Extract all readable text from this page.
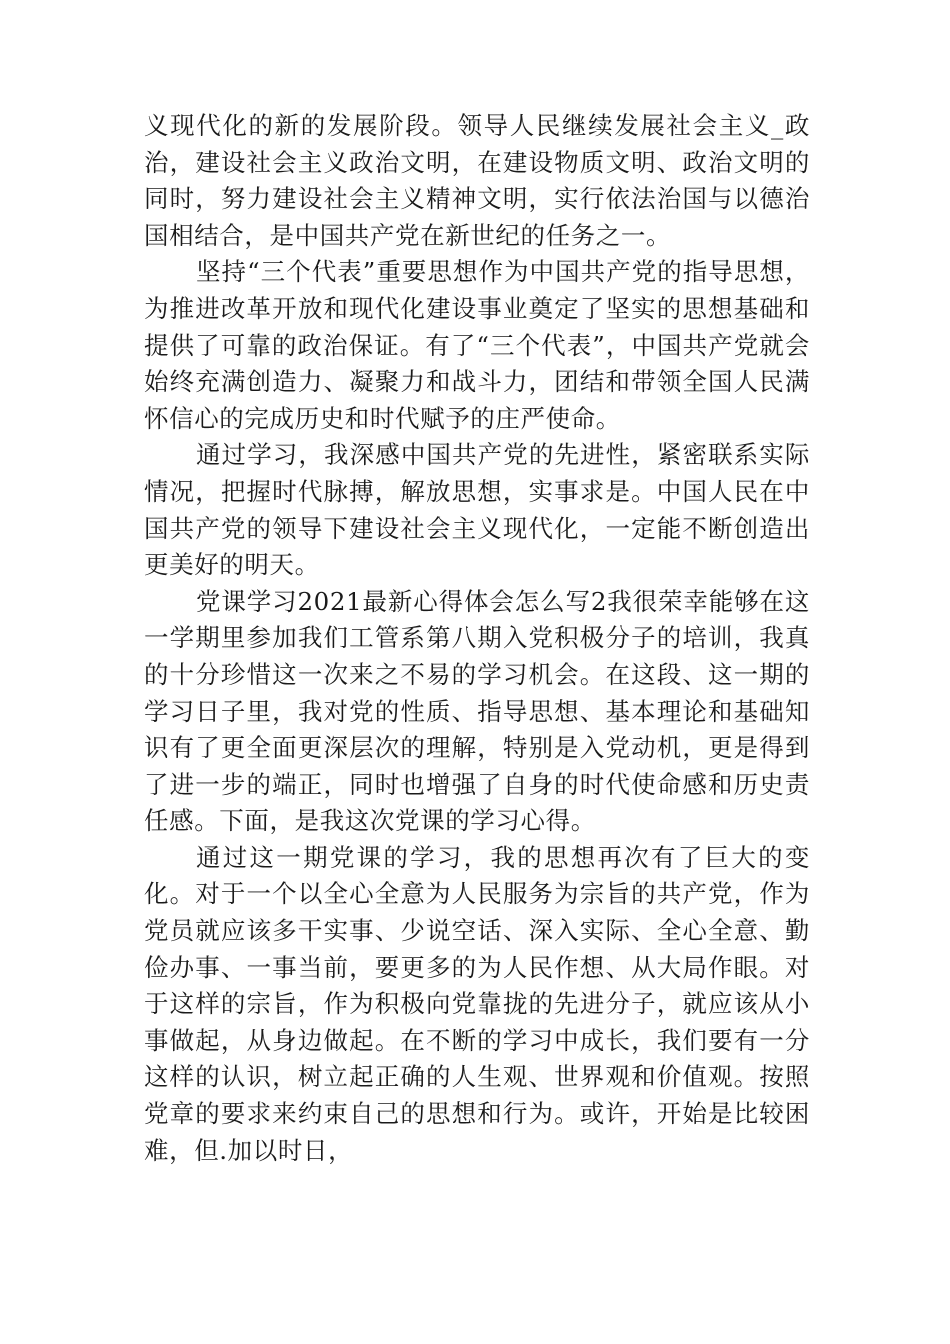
义现代化的新的发展阶段。领导人民继续发展社会主义_政治，建设社会主义政治文明，在建设物质文明、政治文明的同时，努力建设社会主义精神文明，实行依法治国与以德治国相结合，是中国共产党在新世纪的任务之一。

坚持“三个代表”重要思想作为中国共产党的指导思想，为推进改革开放和现代化建设事业奠定了坚实的思想基础和提供了可靠的政治保证。有了“三个代表”，中国共产党就会始终充满创造力、凝聚力和战斗力，团结和带领全国人民满怀信心的完成历史和时代赋予的庄严使命。

通过学习，我深感中国共产党的先进性，紧密联系实际情况，把握时代脉搏，解放思想，实事求是。中国人民在中国共产党的领导下建设社会主义现代化，一定能不断创造出更美好的明天。

党课学习2021最新心得体会怎么写2我很荣幸能够在这一学期里参加我们工管系第八期入党积极分子的培训，我真的十分珍惜这一次来之不易的学习机会。在这段、这一期的学习日子里，我对党的性质、指导思想、基本理论和基础知识有了更全面更深层次的理解，特别是入党动机，更是得到了进一步的端正，同时也增强了自身的时代使命感和历史责任感。下面，是我这次党课的学习心得。

通过这一期党课的学习，我的思想再次有了巨大的变化。对于一个以全心全意为人民服务为宗旨的共产党，作为党员就应该多干实事、少说空话、深入实际、全心全意、勤俭办事、一事当前，要更多的为人民作想、从大局作眼。对于这样的宗旨，作为积极向党靠拢的先进分子，就应该从小事做起，从身边做起。在不断的学习中成长，我们要有一分这样的认识，树立起正确的人生观、世界观和价值观。按照党章的要求来约束自己的思想和行为。或许，开始是比较困难，但.加以时日，
